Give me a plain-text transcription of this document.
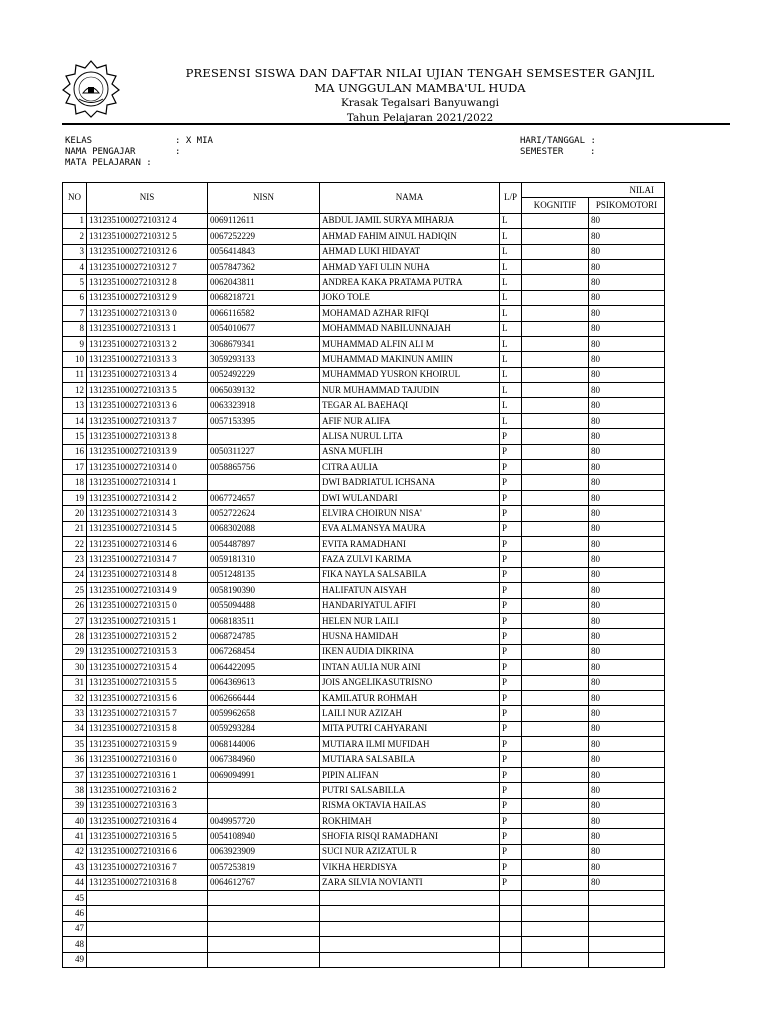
PRESENSI SISWA DAN DAFTAR NILAI UJIAN TENGAH SEMSESTER GANJIL
MA UNGGULAN MAMBA'UL HUDA
Krasak Tegalsari Banyuwangi
Tahun Pelajaran 2021/2022
KELAS	: X MIA
NAMA PENGAJAR	:
MATA PELAJARAN :
HARI/TANGGAL :
SEMESTER	:
NO	NIS	NISN	NAMA	L/P	NILAI	
					KOGNITIF	PSIKOMOTORI
1	131235100027210312 4	0069112611	ABDUL JAMIL SURYA MIHARJA	L		80
2	131235100027210312 5	0067252229	AHMAD FAHIM AINUL HADIQIN	L		80
3	131235100027210312 6	0056414843	AHMAD LUKI HIDAYAT	L		80
4	131235100027210312 7	0057847362	AHMAD YAFI ULIN NUHA	L		80
5	131235100027210312 8	0062043811	ANDREA KAKA PRATAMA PUTRA	L		80
6	131235100027210312 9	0068218721	JOKO TOLE	L		80
7	131235100027210313 0	0066116582	MOHAMAD AZHAR RIFQI	L		80
8	131235100027210313 1	0054010677	MOHAMMAD NABILUNNAJAH	L		80
9	131235100027210313 2	3068679341	MUHAMMAD ALFIN ALI M	L		80
10	131235100027210313 3	3059293133	MUHAMMAD MAKINUN AMIIN	L		80
11	131235100027210313 4	0052492229	MUHAMMAD YUSRON KHOIRUL	L		80
12	131235100027210313 5	0065039132	NUR MUHAMMAD TAJUDIN	L		80
13	131235100027210313 6	0063323918	TEGAR AL BAEHAQI	L		80
14	131235100027210313 7	0057153395	AFIF NUR ALIFA	L		80
15	131235100027210313 8		ALISA NURUL LITA	P		80
16	131235100027210313 9	0050311227	ASNA MUFLIH	P		80
17	131235100027210314 0	0058865756	CITRA AULIA	P		80
18	131235100027210314 1		DWI BADRIATUL ICHSANA	P		80
19	131235100027210314 2	0067724657	DWI WULANDARI	P		80
20	131235100027210314 3	0052722624	ELVIRA CHOIRUN NISA'	P		80
21	131235100027210314 5	0068302088	EVA ALMANSYA MAURA	P		80
22	131235100027210314 6	0054487897	EVITA RAMADHANI	P		80
23	131235100027210314 7	0059181310	FAZA ZULVI KARIMA	P		80
24	131235100027210314 8	0051248135	FIKA NAYLA SALSABILA	P		80
25	131235100027210314 9	0058190390	HALIFATUN AISYAH	P		80
26	131235100027210315 0	0055094488	HANDARIYATUL AFIFI	P		80
27	131235100027210315 1	0068183511	HELEN NUR LAILI	P		80
28	131235100027210315 2	0068724785	HUSNA HAMIDAH	P		80
29	131235100027210315 3	0067268454	IKEN AUDIA DIKRINA	P		80
30	131235100027210315 4	0064422095	INTAN AULIA NUR AINI	P		80
31	131235100027210315 5	0064369613	JOIS ANGELIKASUTRISNO	P		80
32	131235100027210315 6	0062666444	KAMILATUR ROHMAH	P		80
33	131235100027210315 7	0059962658	LAILI NUR AZIZAH	P		80
34	131235100027210315 8	0059293284	MITA PUTRI CAHYARANI	P		80
35	131235100027210315 9	0068144006	MUTIARA ILMI MUFIDAH	P		80
36	131235100027210316 0	0067384960	MUTIARA SALSABILA	P		80
37	131235100027210316 1	0069094991	PIPIN ALIFAN	P		80
38	131235100027210316 2		PUTRI SALSABILLA	P		80
39	131235100027210316 3		RISMA OKTAVIA HAILAS	P		80
40	131235100027210316 4	0049957720	ROKHIMAH	P		80
41	131235100027210316 5	0054108940	SHOFIA RISQI RAMADHANI	P		80
42	131235100027210316 6	0063923909	SUCI NUR AZIZATUL R	P		80
43	131235100027210316 7	0057253819	VIKHA HERDISYA	P		80
44	131235100027210316 8	0064612767	ZARA SILVIA NOVIANTI	P		80
45						
46						
47						
48						
49						
